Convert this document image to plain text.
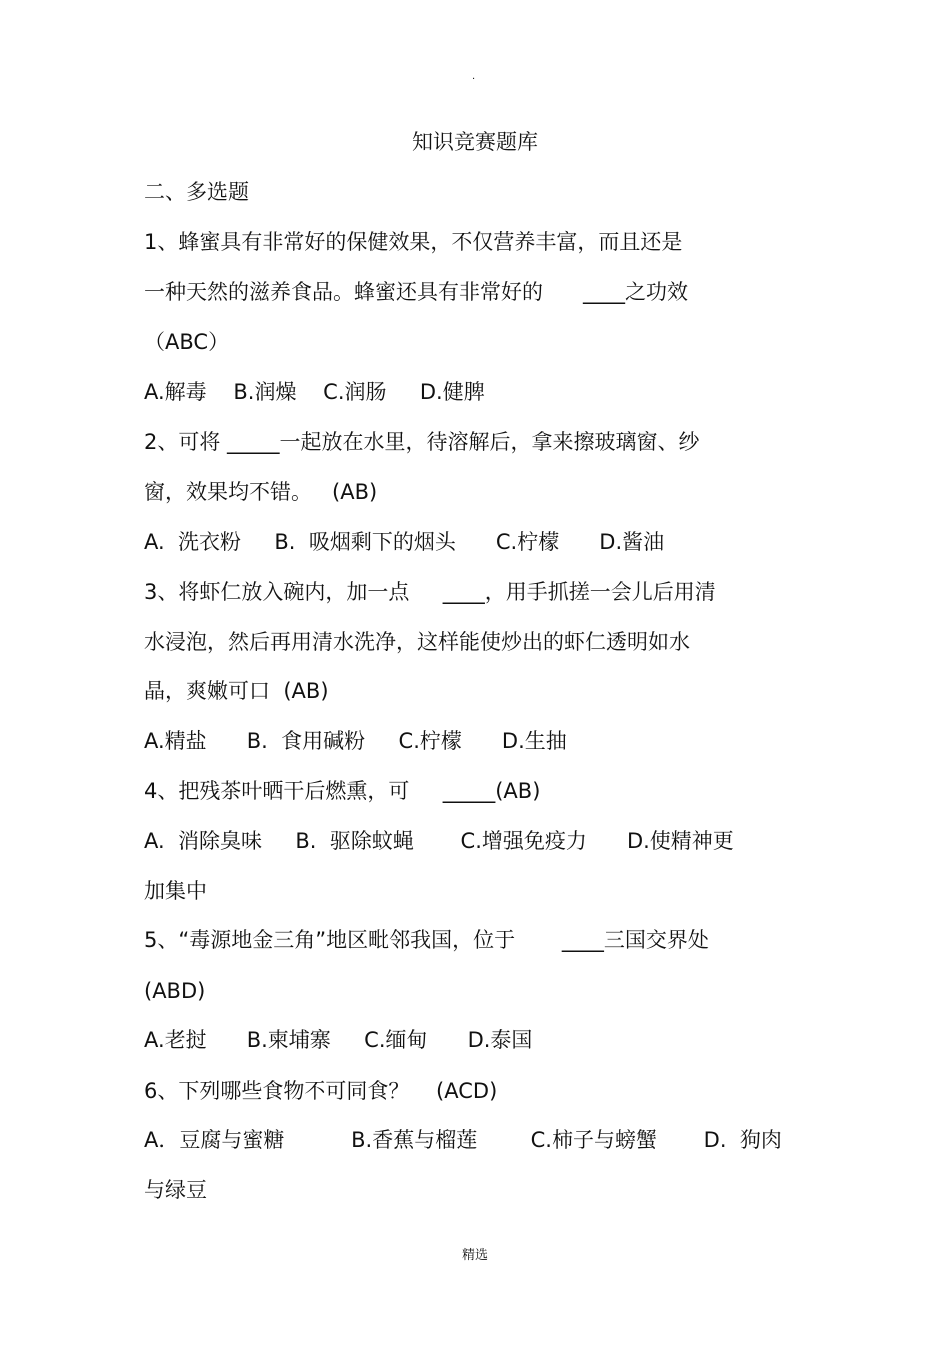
.
知识竞赛题库
二、多选题
1、蜂蜜具有非常好的保健效果，不仅营养丰富，而且还是
一种天然的滋养食品。蜂蜜还具有非常好的      ____之功效
（ABC）
A.解毒    B.润燥    C.润肠     D.健脾
2、可将 _____一起放在水里，待溶解后，拿来擦玻璃窗、纱
窗，效果均不错。   (AB)
A.  洗衣粉     B.  吸烟剩下的烟头      C.柠檬      D.酱油
3、将虾仁放入碗内，加一点     ____，用手抓搓一会儿后用清
水浸泡，然后再用清水洗净，这样能使炒出的虾仁透明如水
晶，爽嫩可口  (AB)
A.精盐      B.  食用碱粉     C.柠檬      D.生抽
4、把残茶叶晒干后燃熏，可     _____(AB)
A.  消除臭味     B.  驱除蚊蝇       C.增强免疫力      D.使精神更
加集中
5、“毒源地金三角”地区毗邻我国，位于       ____三国交界处
(ABD)
A.老挝      B.柬埔寨     C.缅甸      D.泰国
6、下列哪些食物不可同食？    (ACD)
A．豆腐与蜜糖          B.香蕉与榴莲        C.柿子与螃蟹       D.  狗肉
与绿豆
精选
